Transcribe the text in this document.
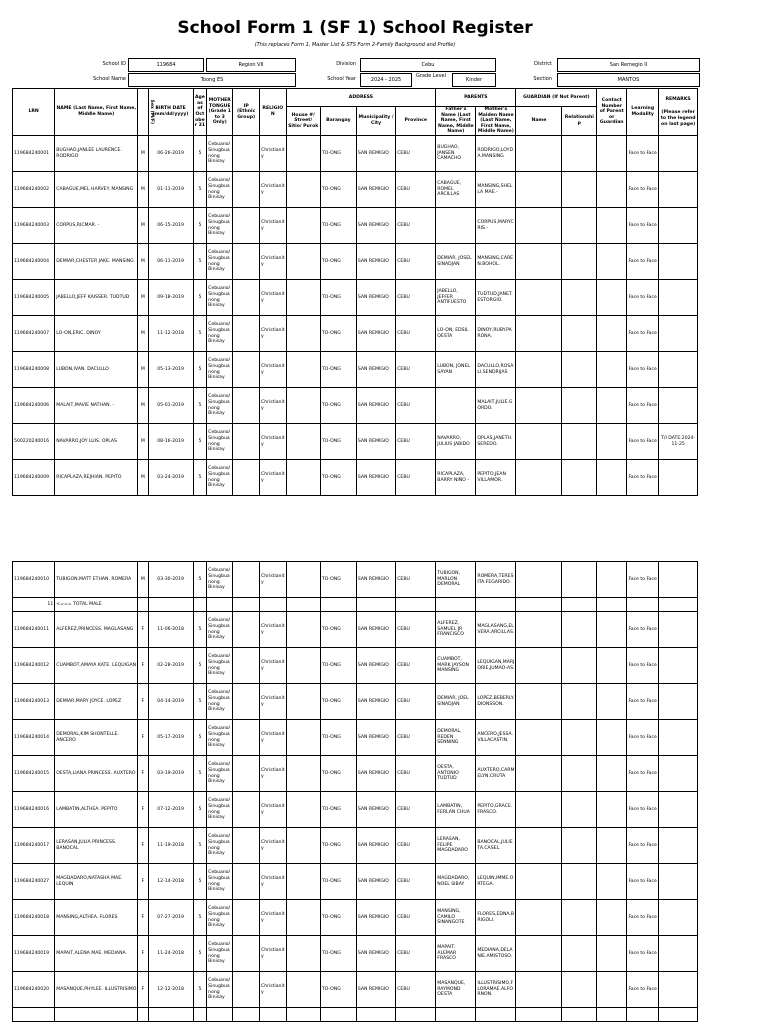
School Form 1 (SF 1) School Register
(This replaces Form 1, Master List & STS Form 2-Family Background and Profile)
School ID	119684	Region VII	Division	Cebu	District	San Remegio II
School Name	Toong ES	School Year	2024 - 2025
Grade Level
Kinder	Section	MANTOS
LRN	NAME (Last Name, First Name, Middle Name)	Sex (M/F)	BIRTH DATE (mm/dd/yyyy)	Age as of October 31	MOTHER TONGUE (Grade 1 to 3 Only)	IP (Ethnic Group)	RELIGION	ADDRESS				PARENTS		GUARDIAN (If Not Parent)		Contact Number of Parent or Guardian	Learning Modality	REMARKS
(Please refer to the legend on last page)

								House #/ Street/ Sitio/ Purok	Barangay	Municipality / City	Province	Father's Name (Last Name, First Name, Middle Name)	Mother's Maiden Name (Last Name, First Name, Middle Name)	Name	Relationship			
119684240001	BUGHAO,JANLEE LAURENCE. RODRIGO	M	06-26-2019	5	Cebuano/ Sinugbuanong Binisay		Christianity		TO-ONG	SAN REMIGIO	CEBU	BUGHAO, JANSEN CAMACHO	RODRIGO,LOYDA.MANSING				Face to Face	
119684240002	CABAGUE,MEL HARVEY. MANSING	M	01-11-2019	5	Cebuano/ Sinugbuanong Binisay		Christianity		TO-ONG	SAN REMIGIO	CEBU	CABAGUE, ROMEL ARCILLAS	MANSING,SHELLA MAE.-				Face to Face	
119684240003	CORPUS,RICMAR. -	M	06-15-2019	5	Cebuano/ Sinugbuanong Binisay		Christianity		TO-ONG	SAN REMIGIO	CEBU		CORPUS,MARYCRIS.-				Face to Face	
119684240004	DEMIAR,CHESTER JAKE. MANSING	M	06-11-2019	5	Cebuano/ Sinugbuanong Binisay		Christianity		TO-ONG	SAN REMIGIO	CEBU	DEMIAR, JOSEL SINADJAN	MANSING,CAREN.BOHOL.				Face to Face	
119684240005	JABELLO,JEFF KAISSER. TUDTUD	M	09-18-2019	5	Cebuano/ Sinugbuanong Binisay		Christianity		TO-ONG	SAN REMIGIO	CEBU	JABELLO, JEFFER ANTIFUESTO	TUDTUD,JANET.ESTORGIO.				Face to Face	
119684240007	LO-ON,ERIC. DINOY	M	11-12-2018	5	Cebuano/ Sinugbuanong Binisay		Christianity		TO-ONG	SAN REMIGIO	CEBU	LO-ON, EDSIL OESTA	DINOY,RUBY.PARONA.				Face to Face	
119684240008	LUBON,IVAN. DACULLO	M	05-13-2019	5	Cebuano/ Sinugbuanong Binisay		Christianity		TO-ONG	SAN REMIGIO	CEBU	LUBON, JONEL SAYAN	DACULLO,ROSALI.SENDRIJAS				Face to Face	
119684240006	MALAIT,MAVIE NATHAN. -	M	05-01-2019	5	Cebuano/ Sinugbuanong Binisay		Christianity		TO-ONG	SAN REMIGIO	CEBU		MALAIT,JULIE.GORDO.				Face to Face	
500220240016	NAVARRO,JOY LUIS. OPLAS	M	08-16-2019	5	Cebuano/ Sinugbuanong Binisay		Christianity		TO-ONG	SAN REMIGIO	CEBU	NAVARRO, JULIUS JABIDO	OPLAS,JANETH.SEREDO.				Face to Face	T/I DATE:2024-11-25
119684240009	RICAPLAZA,REJHIAN. PEPITO	M	03-24-2019	5	Cebuano/ Sinugbuanong Binisay		Christianity		TO-ONG	SAN REMIGIO	CEBU	RICAPLAZA, BARRY NIÑO -	PEPITO,JEAN VILLAMOR.				Face to Face	
119684240010	TUBIGON,MATT ETHAN. ROMERA	M	03-30-2019	5	Cebuano/ Sinugbuanong Binisay		Christianity		TO-ONG	SAN REMIGIO	CEBU	TUBIGON, MARLON DEMORAL	ROMERA,TERESITA.FEGARIDO.				Face to Face	
11	<=== TOTAL MALE																	
119684240011	ALFEREZ,PRINCESS. MAGLASANG	F	11-06-2018	5	Cebuano/ Sinugbuanong Binisay		Christianity		TO-ONG	SAN REMIGIO	CEBU	ALFEREZ, SAMUEL JR FRANCISCO	MAGLASANG,ELVERA.ARCILLAS.				Face to Face	
119684240012	CUAMBOT,AMAYA KATE. LEQUIGAN	F	02-28-2019	5	Cebuano/ Sinugbuanong Binisay		Christianity		TO-ONG	SAN REMIGIO	CEBU	CUAMBOT, MARK JAYSON MANSING	LEQUIGAN,MARJORIE,JUMAO-AS.				Face to Face	
119684240013	DEMIAR,MARY JOYCE. LOPEZ	F	04-14-2019	5	Cebuano/ Sinugbuanong Binisay		Christianity		TO-ONG	SAN REMIGIO	CEBU	DEMIAR, JOEL SINADJAN	LOPEZ,BEBERLY.DIONSSON.				Face to Face	
119684240014	DEMORAL,KIM SHONTELLE. ANCERO	F	05-17-2019	5	Cebuano/ Sinugbuanong Binisay		Christianity		TO-ONG	SAN REMIGIO	CEBU	DEMORAL, REDEN SENNING	ANCERO,JESSA.VILLACASTIN.				Face to Face	
119684240015	OESTA,LIANA PRINCESS. AUXTERO	F	03-19-2019	5	Cebuano/ Sinugbuanong Binisay		Christianity		TO-ONG	SAN REMIGIO	CEBU	OESTA, ANTONIO TUDTUD	AUXTERO,CARMELYN.CRUTA				Face to Face	
119684240016	LAMBATIN,ALTHEA. PEPITO	F	07-12-2019	5	Cebuano/ Sinugbuanong Binisay		Christianity		TO-ONG	SAN REMIGIO	CEBU	LAMBATIN, FERLAN CHUA	PEPITO,GRACE.FRASCO.				Face to Face	
119684240017	LERASAN,JULIA PRINCESS. BANOCAL	F	11-19-2018	5	Cebuano/ Sinugbuanong Binisay		Christianity		TO-ONG	SAN REMIGIO	CEBU	LERASAN, FELIPE MAGDADARO	BANOCAL,JULIETA.CASEL.				Face to Face	
119684240027	MAGDADARO,NATASHA MAE. LEQUIN	F	12-14-2018	5	Cebuano/ Sinugbuanong Binisay		Christianity		TO-ONG	SAN REMIGIO	CEBU	MAGDADARO, NOEL SIBAY	LEQUIN,IMME.ORTEGA.				Face to Face	
119684240018	MANSING,ALTHEA. FLORES	F	07-27-2019	5	Cebuano/ Sinugbuanong Binisay		Christianity		TO-ONG	SAN REMIGIO	CEBU	MANSING, CAMILO SINANGOTE	FLORES,EDNA.BRIGOLI.				Face to Face	
119684240019	MAPAIT,ALENA MAE. MEDIANA	F	11-24-2018	5	Cebuano/ Sinugbuanong Binisay		Christianity		TO-ONG	SAN REMIGIO	CEBU	MAPAIT, ALEMAR FRASCO	MEDIANA,DELANIE.AMISTOSO.				Face to Face	
119684240020	MASANQUE,PHYLEE. ILLUSTRISIMO	F	12-12-2018	5	Cebuano/ Sinugbuanong Binisay		Christianity		TO-ONG	SAN REMIGIO	CEBU	MASANQUE, RAYMOND OESTA	ILLUSTRISIMO,FLORAMAE.ALFORNON.				Face to Face	
